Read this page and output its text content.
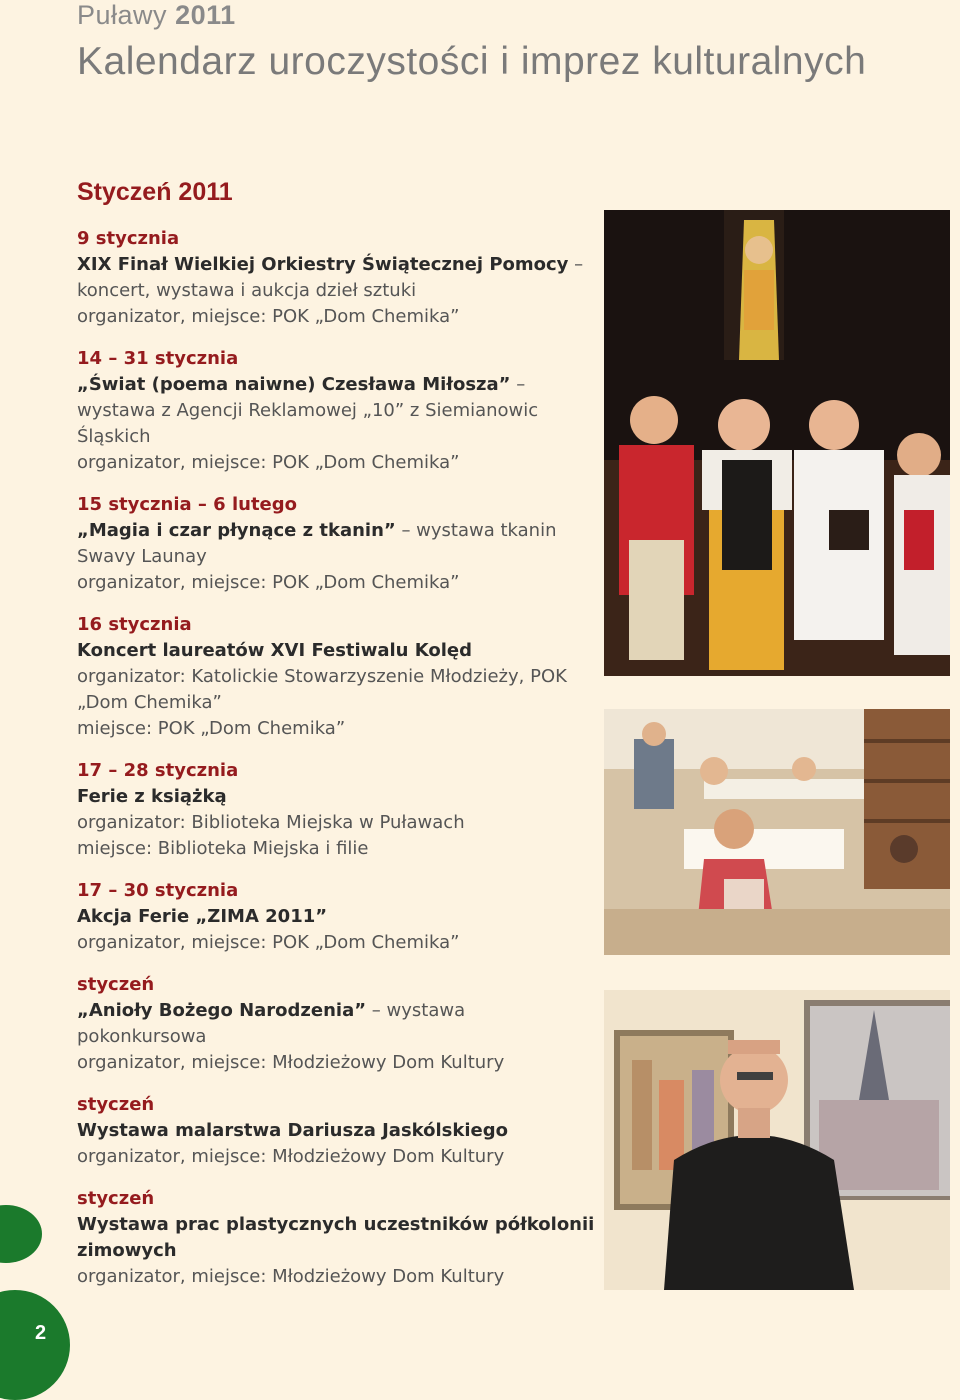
Puławy 2011
Kalendarz uroczystości i imprez kulturalnych
Styczeń 2011
9 stycznia
XIX Finał Wielkiej Orkiestry Świątecznej Pomocy – koncert, wystawa i aukcja dzieł sztuki
organizator, miejsce: POK „Dom Chemika”
14 – 31 stycznia
„Świat (poema naiwne) Czesława Miłosza” – wystawa z Agencji Reklamowej „10” z Siemianowic Śląskich
organizator, miejsce: POK „Dom Chemika”
15 stycznia – 6 lutego
„Magia i czar płynące z tkanin” – wystawa tkanin Swavy Launay
organizator, miejsce: POK „Dom Chemika”
16 stycznia
Koncert laureatów XVI Festiwalu Kolęd
organizator: Katolickie Stowarzyszenie Młodzieży, POK „Dom Chemika”
miejsce: POK „Dom Chemika”
17 – 28 stycznia
Ferie z książką
organizator: Biblioteka Miejska w Puławach
miejsce: Biblioteka Miejska i filie
17 – 30 stycznia
Akcja Ferie „ZIMA 2011”
organizator, miejsce: POK „Dom Chemika”
styczeń
„Anioły Bożego Narodzenia” – wystawa pokonkursowa
organizator, miejsce: Młodzieżowy Dom Kultury
styczeń
Wystawa malarstwa Dariusza Jaskólskiego
organizator, miejsce: Młodzieżowy Dom Kultury
styczeń
Wystawa prac plastycznych uczestników półkolonii zimowych
organizator, miejsce: Młodzieżowy Dom Kultury
2
